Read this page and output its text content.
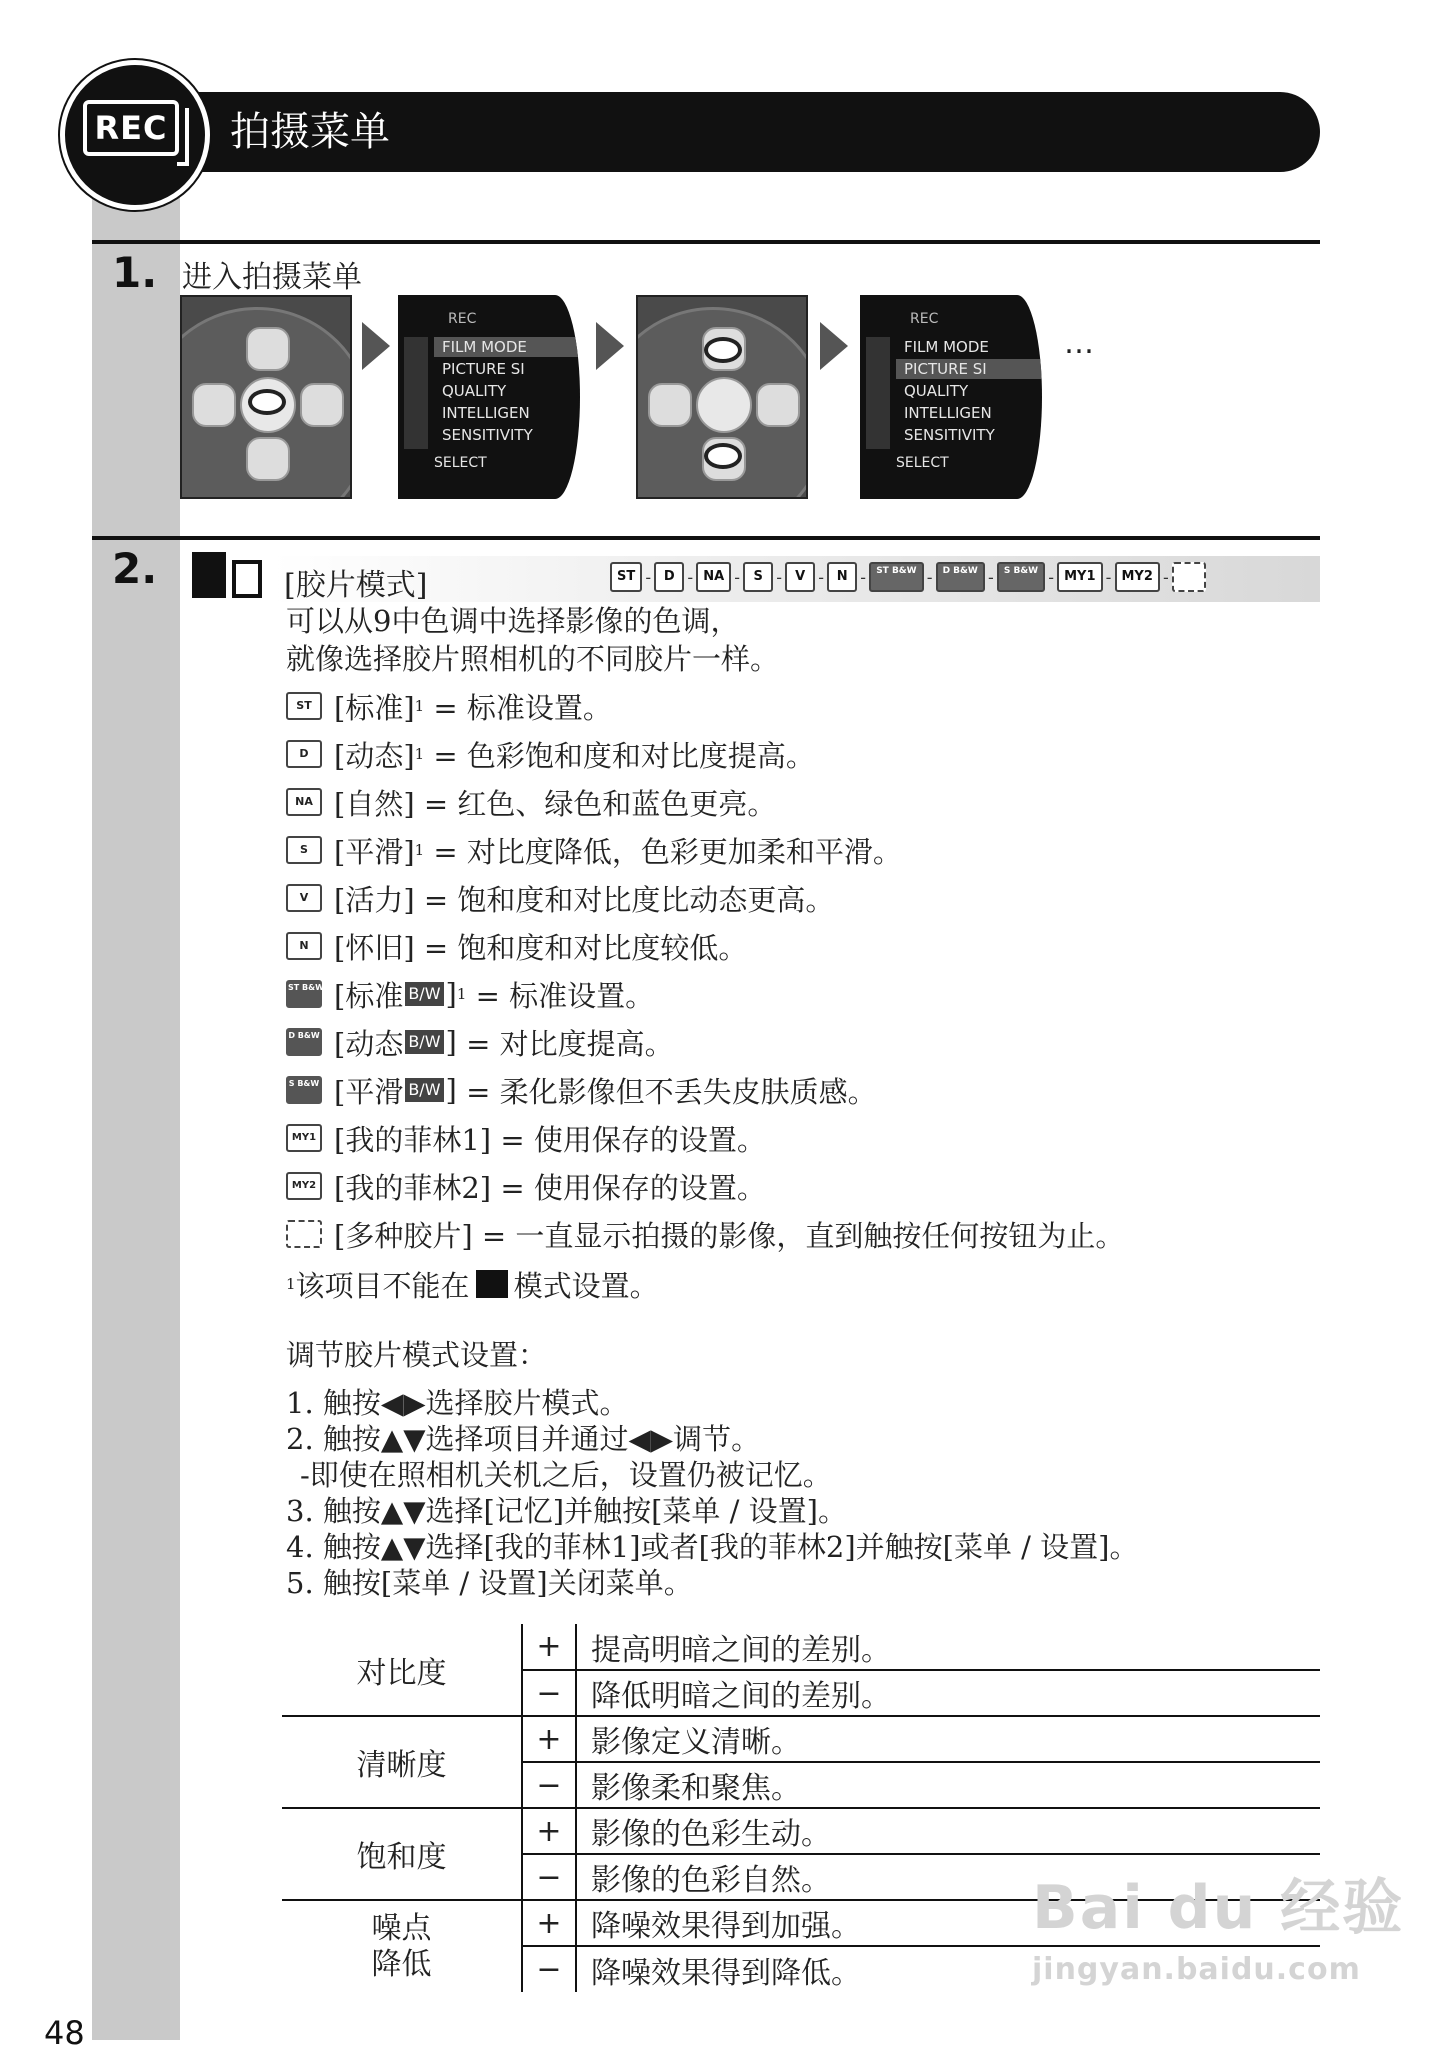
拍摄菜单
REC
1. 进入拍摄菜单
REC
FILM MODE
PICTURE SI
QUALITY
INTELLIGEN
SENSITIVITY
SELECT
REC
FILM MODE
PICTURE SI
QUALITY
INTELLIGEN
SENSITIVITY
SELECT
…
2.	[胶片模式]	ST - D - NA -	S -	V - N -	ST B&W -	D B&W -	S B&W - MY1 - MY2 -
可以从9中色调中选择影像的色调，
就像选择胶片照相机的不同胶片一样。
ST [标准] 1
= 标准设置。
D [动态] 1
= 色彩饱和度和对比度提高。
NA [自然]
= 红色、绿色和蓝色更亮。
S [平滑] 1
= 对比度降低，色彩更加柔和平滑。
V [活力]
= 饱和度和对比度比动态更高。
N [怀旧]
= 饱和度和对比度较低。
ST B&W [标准 B/W ] 1
= 标准设置。
D B&W [动态 B/W ]
= 对比度提高。
S B&W [平滑 B/W ]
= 柔化影像但不丢失皮肤质感。
MY1 [我的菲林1]
= 使用保存的设置。
MY2 [我的菲林2]
= 使用保存的设置。
[多种胶片]
= 一直显示拍摄的影像，直到触按任何按钮为止。
1 该项目不能在 模式设置。
调节胶片模式设置：
1. 触按◀▶选择胶片模式。
2. 触按▲▼选择项目并通过◀▶调节。
-即使在照相机关机之后，设置仍被记忆。
3. 触按▲▼选择[记忆]并触按[菜单 / 设置]。
4. 触按▲▼选择[我的菲林1]或者[我的菲林2]并触按[菜单 / 设置]。
5. 触按[菜单 / 设置]关闭菜单。
对比度	+	提高明暗之间的差别。
	−	降低明暗之间的差别。
清晰度	+	影像定义清晰。
	−	影像柔和聚焦。
饱和度	+	影像的色彩生动。
	−	影像的色彩自然。
噪点
降低	+	降噪效果得到加强。
	−	降噪效果得到降低。
48
Bai du 经验
jingyan.baidu.com
